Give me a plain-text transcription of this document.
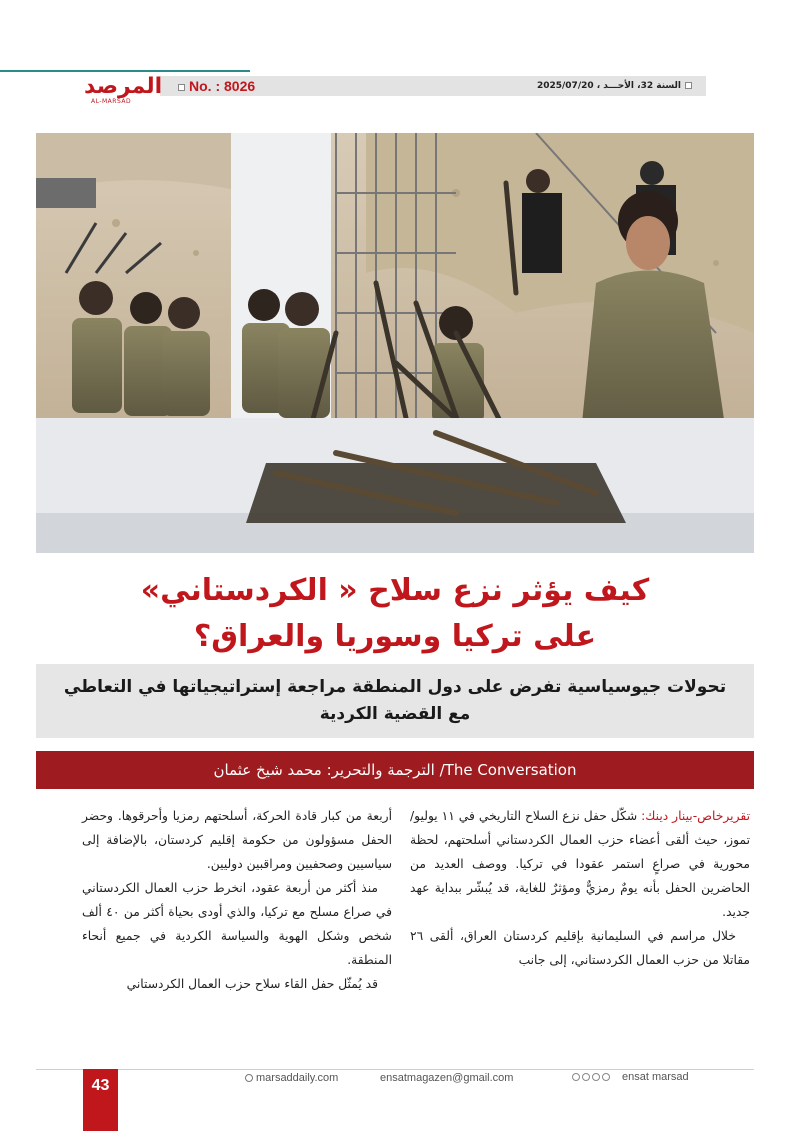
المرصد
AL-MARSAD
No. : 8026	السنة 32، الأحـــد ، 2025/07/20
كيف يؤثر نزع سلاح « الكردستاني»
على تركيا وسوريا والعراق؟
تحولات جيوسياسية تفرض على دول المنطقة مراجعة إستراتيجياتها في التعاطي مع القضية الكردية
The Conversation/ الترجمة والتحرير: محمد شيخ عثمان

تقريرخاص-بينار دينك: شكّل حفل نزع السلاح التاريخي في ١١ يوليو/تموز، حيث ألقى أعضاء حزب العمال الكردستاني أسلحتهم، لحظة محورية في صراعٍ استمر عقودا في تركيا. ووصف العديد من الحاضرين الحفل بأنه يومٌ رمزيٌّ ومؤثرٌ للغاية، قد يُبشّر ببداية عهد جديد.

خلال مراسم في السليمانية بإقليم كردستان العراق، ألقى ٢٦ مقاتلا من حزب العمال الكردستاني، إلى جانب

أربعة من كبار قادة الحركة، أسلحتهم رمزيا وأحرقوها. وحضر الحفل مسؤولون من حكومة إقليم كردستان، بالإضافة إلى سياسيين وصحفيين ومراقبين دوليين.

منذ أكثر من أربعة عقود، انخرط حزب العمال الكردستاني في صراع مسلح مع تركيا، والذي أودى بحياة أكثر من ٤٠ ألف شخص وشكل الهوية والسياسة الكردية في جميع أنحاء المنطقة.

قد يُمثّل حفل القاء سلاح حزب العمال الكردستاني

43	marsaddaily.com	ensatmagazen@gmail.com	ensat marsad
